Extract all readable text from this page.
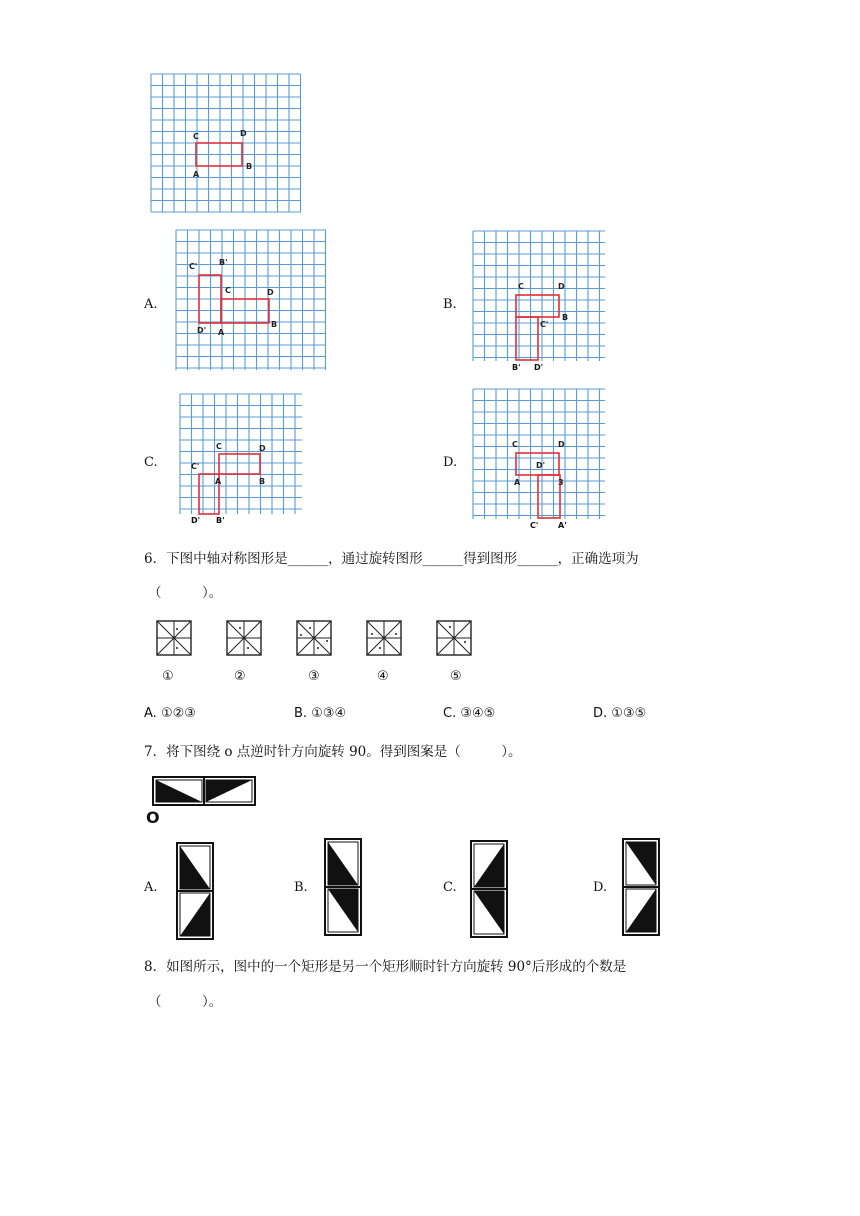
C	D
A
B
A.
C'	B'
C	D
D' A
B
B.
C	D
C'
B
B' D'
C.
C	D
C'
A	B
D' B'
D.
C	D
D'
A	3
C' A'
6．下图中轴对称图形是______，通过旋转图形______得到图形______，正确选项为
（　　　）。
①	②	③	④	⑤
A. ①②③	B. ①③④	C. ③④⑤	D. ①③⑤
7．将下图绕 o 点逆时针方向旋转 90。得到图案是（　　　）。
O
A.	B.	C.	D.
8．如图所示，图中的一个矩形是另一个矩形顺时针方向旋转 90°后形成的个数是
（　　　）。
